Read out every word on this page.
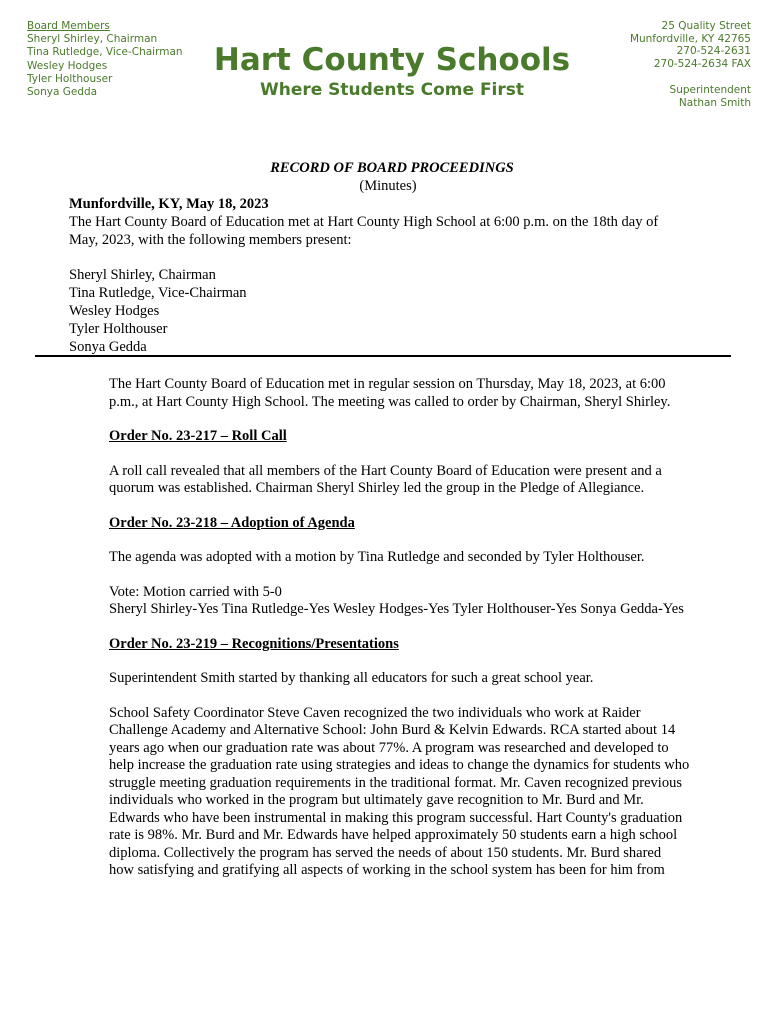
Board Members
Sheryl Shirley, Chairman
Tina Rutledge, Vice-Chairman
Wesley Hodges
Tyler Holthouser
Sonya Gedda
Hart County Schools
Where Students Come First
25 Quality Street
Munfordville, KY 42765
270-524-2631
270-524-2634 FAX
Superintendent
Nathan Smith
RECORD OF BOARD PROCEEDINGS
(Minutes)
Munfordville, KY, May 18, 2023
The Hart County Board of Education met at Hart County High School at 6:00 p.m. on the 18th day of
May, 2023, with the following members present:
Sheryl Shirley, Chairman
Tina Rutledge, Vice-Chairman
Wesley Hodges
Tyler Holthouser
Sonya Gedda

The Hart County Board of Education met in regular session on Thursday, May 18, 2023, at 6:00

p.m., at Hart County High School. The meeting was called to order by Chairman, Sheryl Shirley.

Order No. 23-217 – Roll Call

A roll call revealed that all members of the Hart County Board of Education were present and a

quorum was established. Chairman Sheryl Shirley led the group in the Pledge of Allegiance.

Order No. 23-218 – Adoption of Agenda

The agenda was adopted with a motion by Tina Rutledge and seconded by Tyler Holthouser.

Vote: Motion carried with 5-0

Sheryl Shirley-Yes Tina Rutledge-Yes Wesley Hodges-Yes Tyler Holthouser-Yes Sonya Gedda-Yes

Order No. 23-219 – Recognitions/Presentations

Superintendent Smith started by thanking all educators for such a great school year.

School Safety Coordinator Steve Caven recognized the two individuals who work at Raider

Challenge Academy and Alternative School: John Burd & Kelvin Edwards. RCA started about 14

years ago when our graduation rate was about 77%. A program was researched and developed to

help increase the graduation rate using strategies and ideas to change the dynamics for students who

struggle meeting graduation requirements in the traditional format. Mr. Caven recognized previous

individuals who worked in the program but ultimately gave recognition to Mr. Burd and Mr.

Edwards who have been instrumental in making this program successful. Hart County's graduation

rate is 98%. Mr. Burd and Mr. Edwards have helped approximately 50 students earn a high school

diploma. Collectively the program has served the needs of about 150 students. Mr. Burd shared

how satisfying and gratifying all aspects of working in the school system has been for him from
